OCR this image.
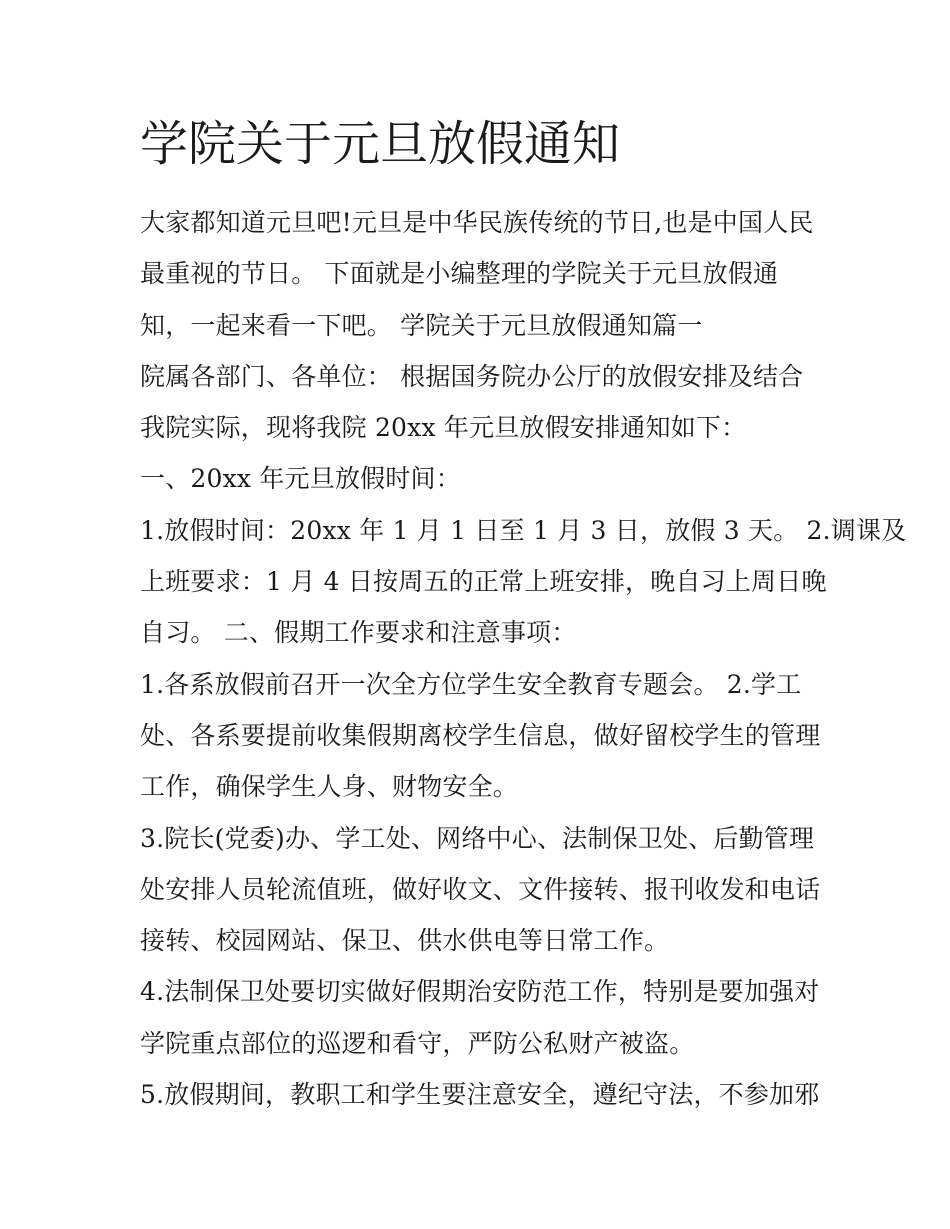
学院关于元旦放假通知
大家都知道元旦吧!元旦是中华民族传统的节日,也是中国人民
最重视的节日。 下面就是小编整理的学院关于元旦放假通
知，一起来看一下吧。 学院关于元旦放假通知篇一
院属各部门、各单位： 根据国务院办公厅的放假安排及结合
我院实际，现将我院 20xx 年元旦放假安排通知如下：
一、20xx 年元旦放假时间：
1.放假时间：20xx 年 1 月 1 日至 1 月 3 日，放假 3 天。 2.调课及
上班要求：1 月 4 日按周五的正常上班安排，晚自习上周日晚
自习。 二、假期工作要求和注意事项：
1.各系放假前召开一次全方位学生安全教育专题会。 2.学工
处、各系要提前收集假期离校学生信息，做好留校学生的管理
工作，确保学生人身、财物安全。
3.院长(党委)办、学工处、网络中心、法制保卫处、后勤管理
处安排人员轮流值班，做好收文、文件接转、报刊收发和电话
接转、校园网站、保卫、供水供电等日常工作。
4.法制保卫处要切实做好假期治安防范工作，特别是要加强对
学院重点部位的巡逻和看守，严防公私财产被盗。
5.放假期间，教职工和学生要注意安全，遵纪守法，不参加邪
